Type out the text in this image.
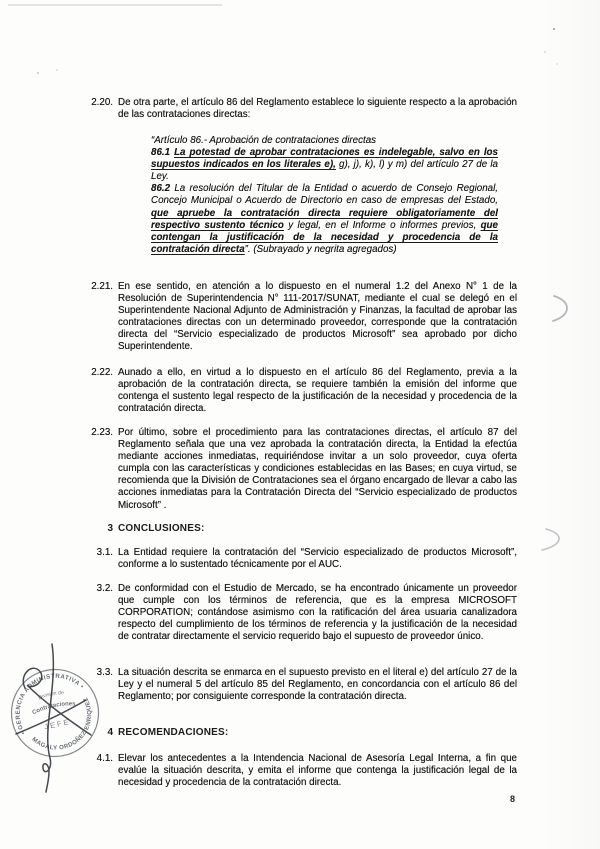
2.20. De otra parte, el artículo 86 del Reglamento establece lo siguiente respecto a la aprobación de las contrataciones directas:
“Artículo 86.- Aprobación de contrataciones directas
86.1 La potestad de aprobar contrataciones es indelegable, salvo en los supuestos indicados en los literales e), g), j), k), l) y m) del artículo 27 de la Ley.
86.2 La resolución del Titular de la Entidad o acuerdo de Consejo Regional, Concejo Municipal o Acuerdo de Directorio en caso de empresas del Estado, que apruebe la contratación directa requiere obligatoriamente del respectivo sustento técnico y legal, en el Informe o informes previos, que contengan la justificación de la necesidad y procedencia de la contratación directa”. (Subrayado y negrita agregados)
2.21. En ese sentido, en atención a lo dispuesto en el numeral 1.2 del Anexo N° 1 de la Resolución de Superintendencia N° 111-2017/SUNAT, mediante el cual se delegó en el Superintendente Nacional Adjunto de Administración y Finanzas, la facultad de aprobar las contrataciones directas con un determinado proveedor, corresponde que la contratación directa del “Servicio especializado de productos Microsoft” sea aprobado por dicho Superintendente.
2.22. Aunado a ello, en virtud a lo dispuesto en el artículo 86 del Reglamento, previa a la aprobación de la contratación directa, se requiere también la emisión del informe que contenga el sustento legal respecto de la justificación de la necesidad y procedencia de la contratación directa.
2.23. Por último, sobre el procedimiento para las contrataciones directas, el artículo 87 del Reglamento señala que una vez aprobada la contratación directa, la Entidad la efectúa mediante acciones inmediatas, requiriéndose invitar a un solo proveedor, cuya oferta cumpla con las características y condiciones establecidas en las Bases; en cuya virtud, se recomienda que la División de Contrataciones sea el órgano encargado de llevar a cabo las acciones inmediatas para la Contratación Directa del “Servicio especializado de productos Microsoft” .
3 CONCLUSIONES:
3.1. La Entidad requiere la contratación del “Servicio especializado de productos Microsoft”, conforme a lo sustentado técnicamente por el AUC.
3.2. De conformidad con el Estudio de Mercado, se ha encontrado únicamente un proveedor que cumple con los términos de referencia, que es la empresa MICROSOFT CORPORATION; contándose asimismo con la ratificación del área usuaria canalizadora respecto del cumplimiento de los términos de referencia y la justificación de la necesidad de contratar directamente el servicio requerido bajo el supuesto de proveedor único.
3.3. La situación descrita se enmarca en el supuesto previsto en el literal e) del artículo 27 de la Ley y el numeral 5 del artículo 85 del Reglamento, en concordancia con el artículo 86 del Reglamento; por consiguiente corresponde la contratación directa.
4 RECOMENDACIONES:
4.1. Elevar los antecedentes a la Intendencia Nacional de Asesoría Legal Interna, a fin que evalúe la situación descrita, y emita el informe que contenga la justificación legal de la necesidad y procedencia de la contratación directa.
8
• GERENCIA ADMINISTRATIVA •
MAGALY ORDOÑEZ ENRIQUEZ
División de
Contrataciones
JEFE
